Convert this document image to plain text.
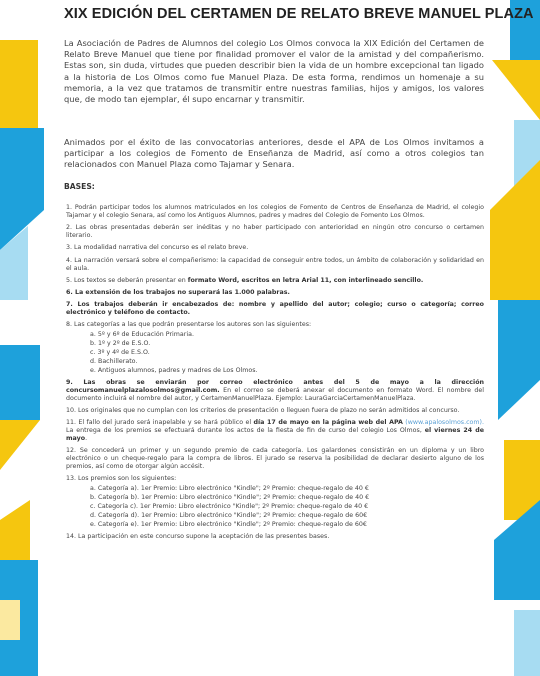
XIX EDICIÓN DEL CERTAMEN DE RELATO BREVE MANUEL PLAZA

La Asociación de Padres de Alumnos del colegio Los Olmos convoca la XIX Edición del Certamen de Relato Breve Manuel que tiene por finalidad promover el valor de la amistad y del compañerismo. Estas son, sin duda, virtudes que pueden describir bien la vida de un hombre excepcional tan ligado a la historia de Los Olmos como fue Manuel Plaza. De esta forma, rendimos un homenaje a su memoria, a la vez que tratamos de transmitir entre nuestras familias, hijos y amigos, los valores que, de modo tan ejemplar, él supo encarnar y transmitir.

Animados por el éxito de las convocatorias anteriores, desde el APA de Los Olmos invitamos a participar a los colegios de Fomento de Enseñanza de Madrid, así como a otros colegios tan relacionados con Manuel Plaza como Tajamar y Senara.

BASES:

1. Podrán participar todos los alumnos matriculados en los colegios de Fomento de Centros de Enseñanza de Madrid, el colegio Tajamar y el colegio Senara, así como los Antiguos Alumnos, padres y madres del Colegio de Fomento Los Olmos.
2. Las obras presentadas deberán ser inéditas y no haber participado con anterioridad en ningún otro concurso o certamen literario.
3. La modalidad narrativa del concurso es el relato breve.
4. La narración versará sobre el compañerismo: la capacidad de conseguir entre todos, un ámbito de colaboración y solidaridad en el aula.
5. Los textos se deberán presentar en formato Word, escritos en letra Arial 11, con interlineado sencillo.
6. La extensión de los trabajos no superará las 1.000 palabras.
7. Los trabajos deberán ir encabezados de: nombre y apellido del autor; colegio; curso o categoría; correo electrónico y teléfono de contacto.
8. Las categorías a las que podrán presentarse los autores son las siguientes:
a. 5º y 6º de Educación Primaria.
b. 1º y 2º de E.S.O.
c. 3º y 4º de E.S.O.
d. Bachillerato.
e. Antiguos alumnos, padres y madres de Los Olmos.
9. Las obras se enviarán por correo electrónico antes del 5 de mayo a la dirección concursomanuelplazalosolmos@gmail.com. En el correo se deberá anexar el documento en formato Word. El nombre del documento incluirá el nombre del autor, y CertamenManuelPlaza. Ejemplo: LauraGarciaCertamenManuelPlaza.
10. Los originales que no cumplan con los criterios de presentación o lleguen fuera de plazo no serán admitidos al concurso.
11. El fallo del jurado será inapelable y se hará público el día 17 de mayo en la página web del APA (www.apalosolmos.com). La entrega de los premios se efectuará durante los actos de la fiesta de fin de curso del colegio Los Olmos, el viernes 24 de mayo.
12. Se concederá un primer y un segundo premio de cada categoría. Los galardones consistirán en un diploma y un libro electrónico o un cheque-regalo para la compra de libros. El jurado se reserva la posibilidad de declarar desierto alguno de los premios, así como de otorgar algún accésit.
13. Los premios son los siguientes:
a. Categoría a). 1er Premio: Libro electrónico "Kindle"; 2º Premio: cheque-regalo de 40 €
b. Categoría b). 1er Premio: Libro electrónico "Kindle"; 2º Premio: cheque-regalo de 40 €
c. Categoría c). 1er Premio: Libro electrónico "Kindle"; 2º Premio: cheque-regalo de 40 €
d. Categoría d). 1er Premio: Libro electrónico "Kindle"; 2º Premio: cheque-regalo de 60€
e. Categoría e). 1er Premio: Libro electrónico "Kindle"; 2º Premio: cheque-regalo de 60€
14. La participación en este concurso supone la aceptación de las presentes bases.
